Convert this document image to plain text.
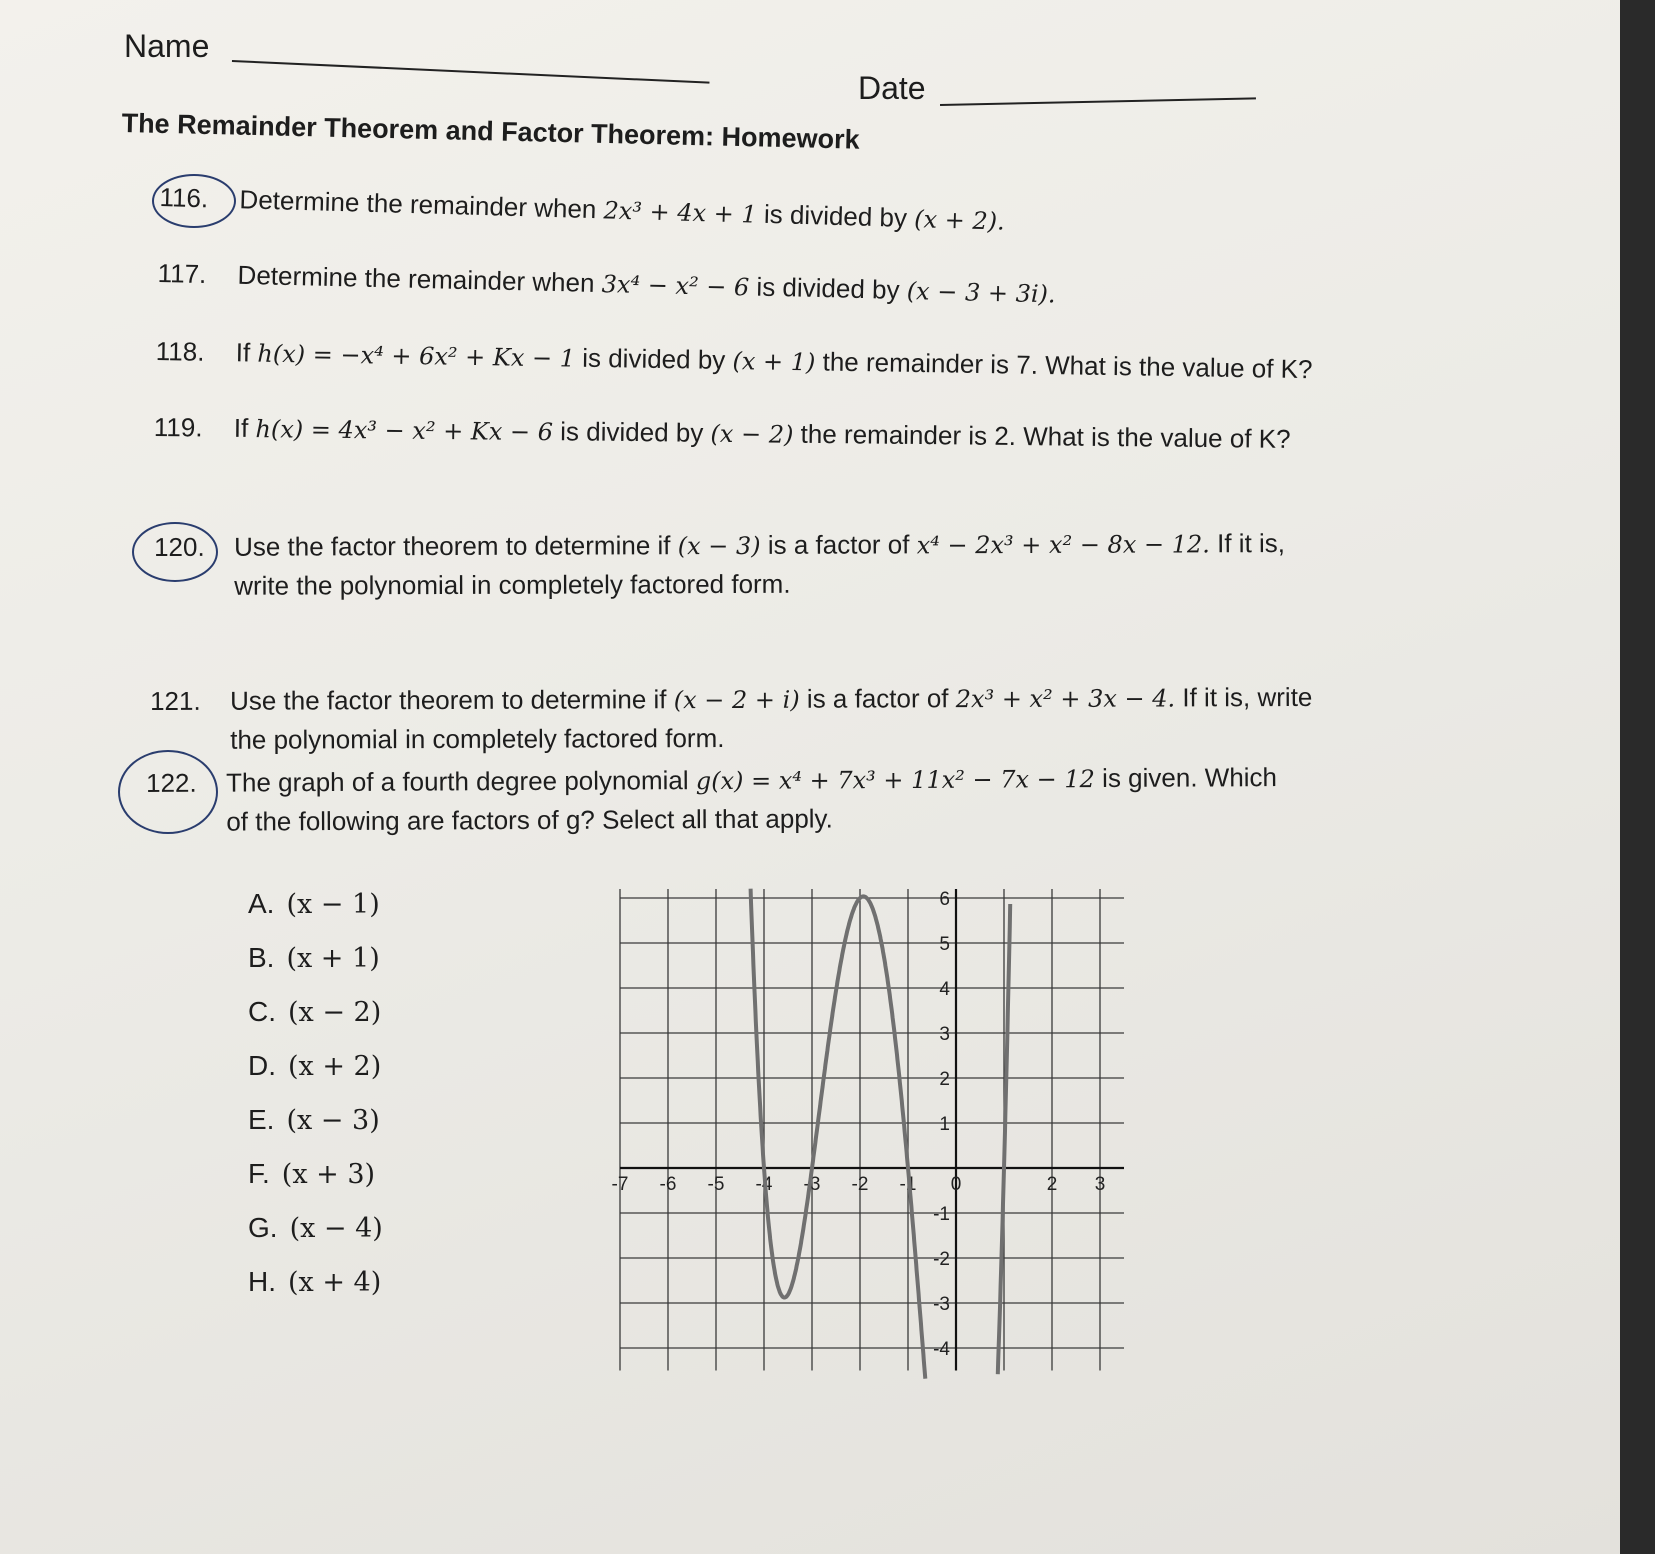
Name
Date
The Remainder Theorem and Factor Theorem: Homework
116. Determine the remainder when 2x³ + 4x + 1 is divided by (x + 2).
117. Determine the remainder when 3x⁴ − x² − 6 is divided by (x − 3 + 3i).
118. If h(x) = −x⁴ + 6x² + Kx − 1 is divided by (x + 1) the remainder is 7. What is the value of K?
119. If h(x) = 4x³ − x² + Kx − 6 is divided by (x − 2) the remainder is 2. What is the value of K?
120. Use the factor theorem to determine if (x − 3) is a factor of x⁴ − 2x³ + x² − 8x − 12. If it is,
write the polynomial in completely factored form.
121. Use the factor theorem to determine if (x − 2 + i) is a factor of 2x³ + x² + 3x − 4. If it is, write
the polynomial in completely factored form.
122. The graph of a fourth degree polynomial g(x) = x⁴ + 7x³ + 11x² − 7x − 12 is given. Which
of the following are factors of g? Select all that apply.
A. (x − 1)
B. (x + 1)
C. (x − 2)
D. (x + 2)
E. (x − 3)
F. (x + 3)
G. (x − 4)
H. (x + 4)
-7 -6 -5 -4 -3 -2 -1 0	2 3
6
5
4
3
2
1
-1
-2
-3
-4
